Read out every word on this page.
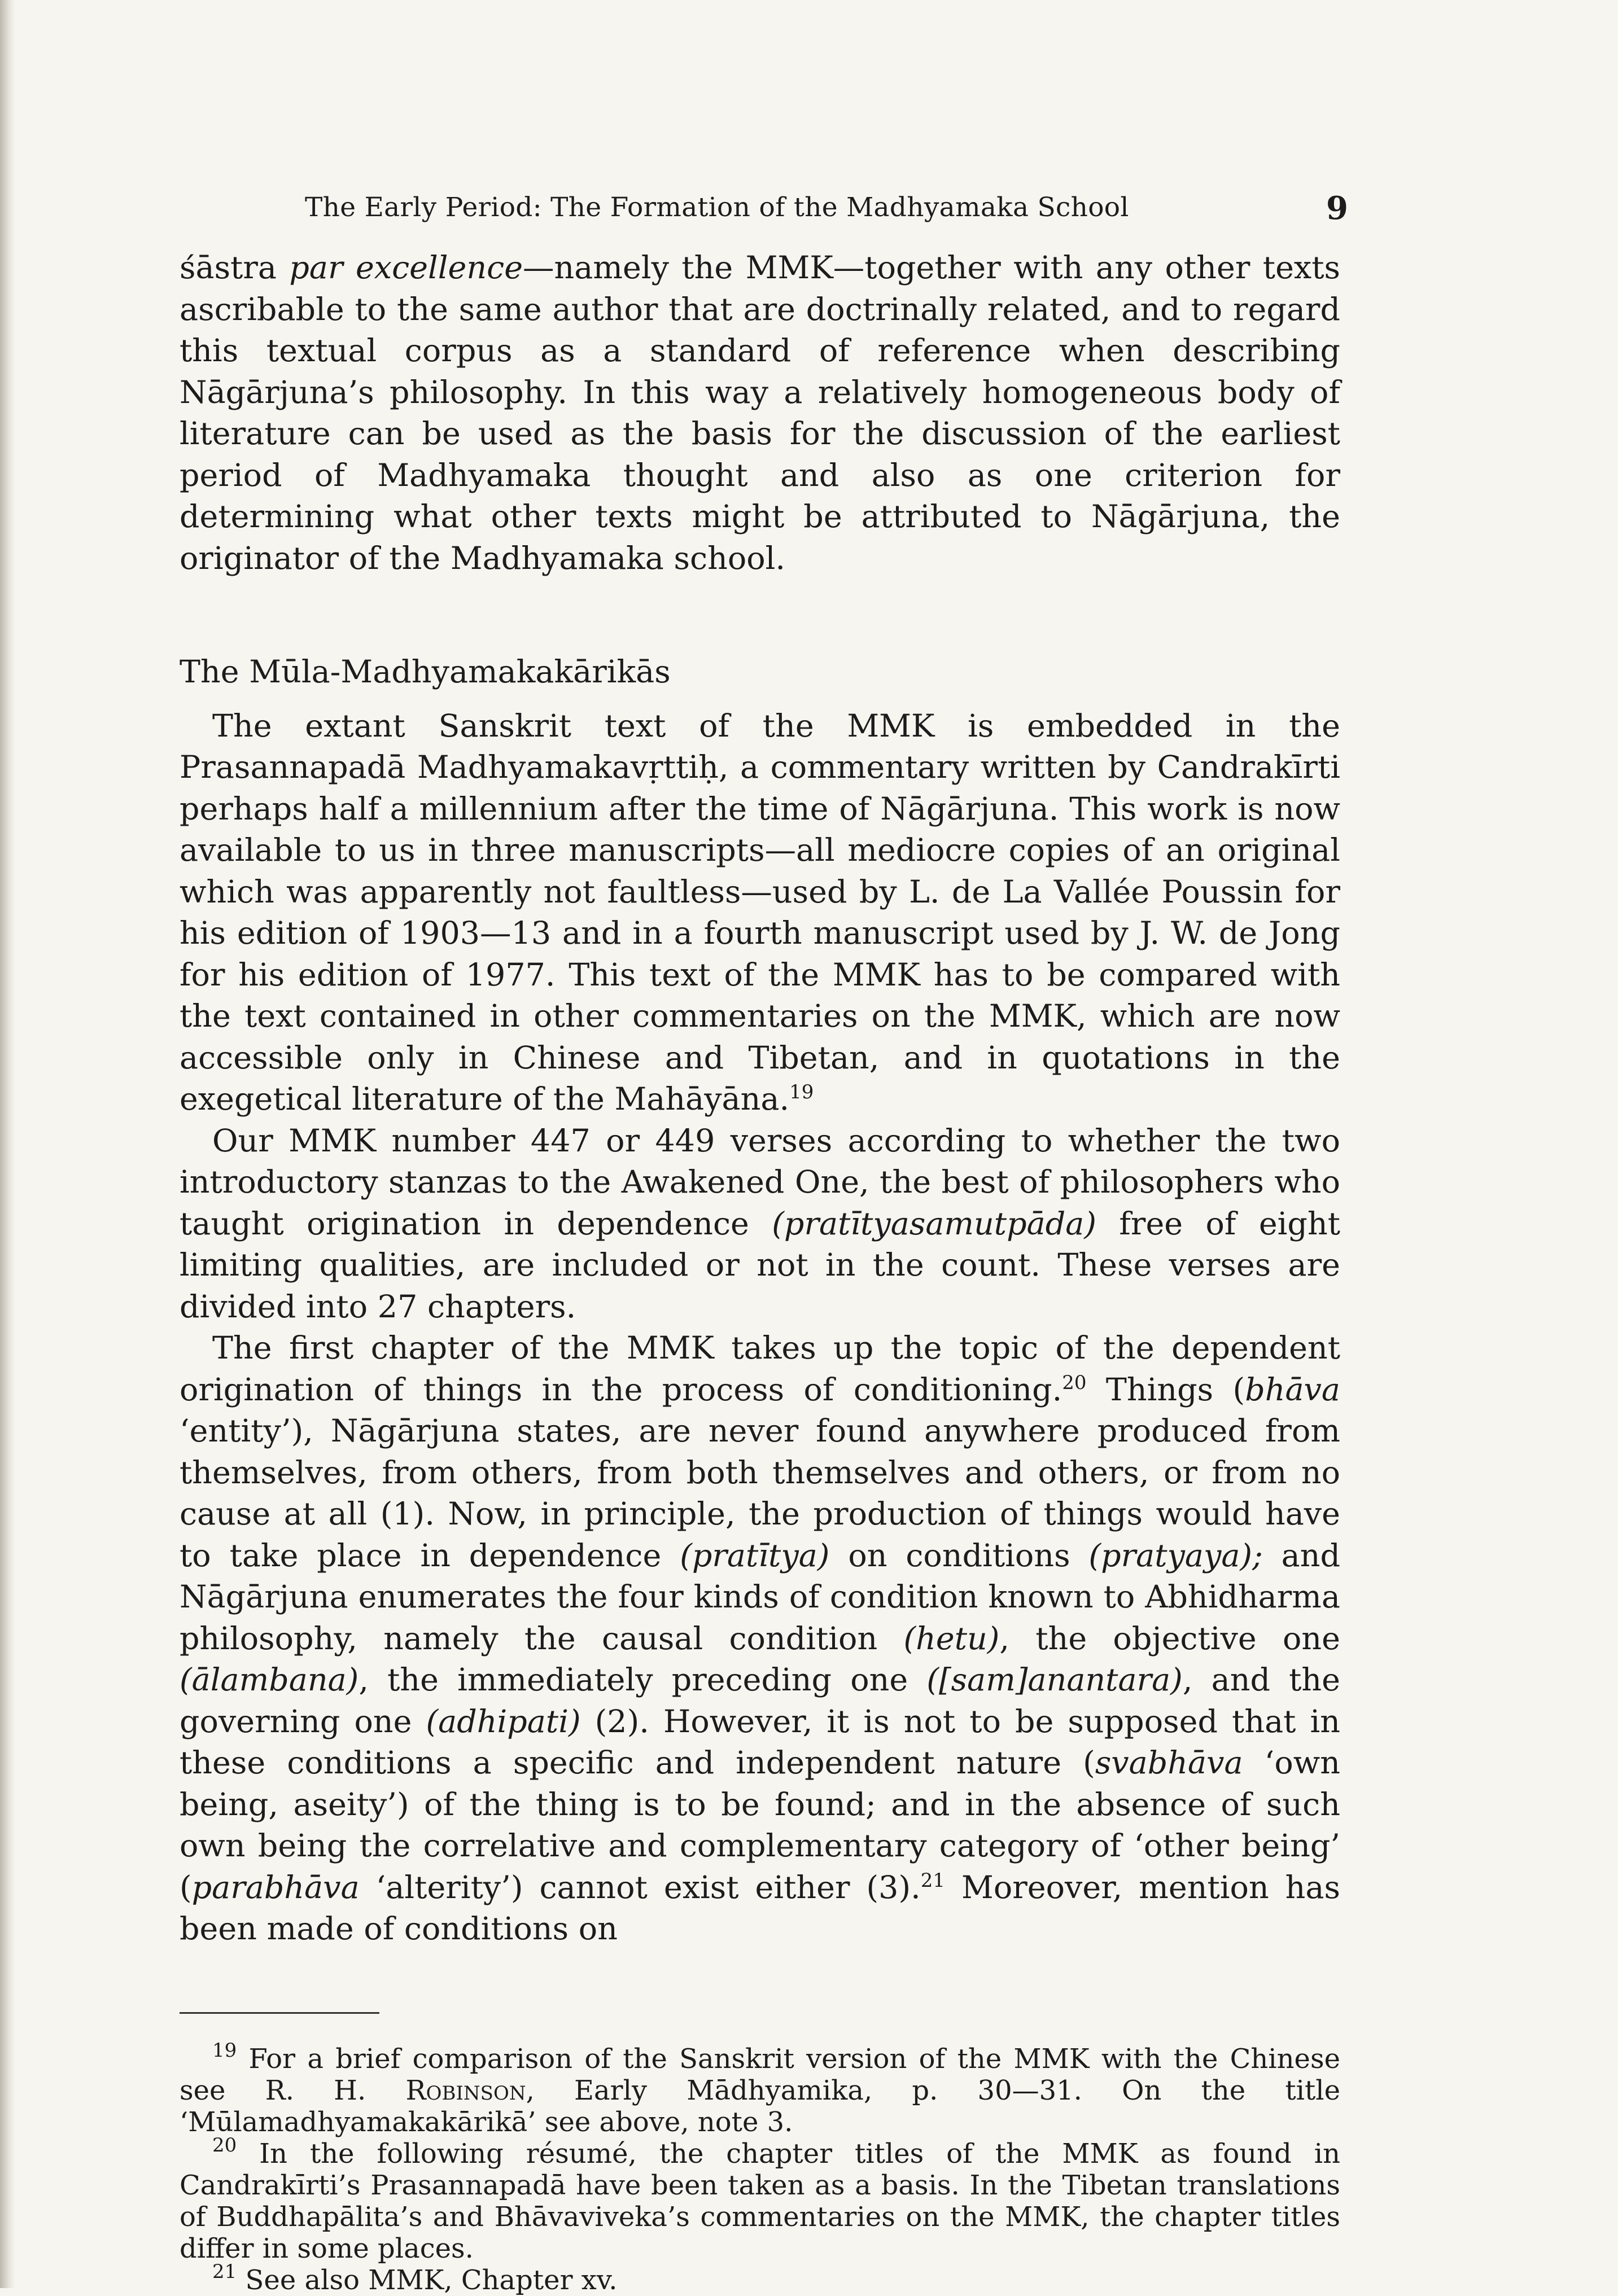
The Early Period: The Formation of the Madhyamaka School	9

śāstra par excellence—namely the MMK—together with any other texts ascribable to the same author that are doctrinally related, and to regard this textual corpus as a standard of reference when describing Nāgārjuna’s philosophy. In this way a relatively homogeneous body of literature can be used as the basis for the discussion of the earliest period of Madhyamaka thought and also as one criterion for determining what other texts might be attributed to Nāgārjuna, the originator of the Madhyamaka school.

The Mūla-Madhyamakakārikās

The extant Sanskrit text of the MMK is embedded in the Prasannapadā Madhyamakavṛttiḥ, a commentary written by Candrakīrti perhaps half a millennium after the time of Nāgārjuna. This work is now available to us in three manuscripts—all mediocre copies of an original which was apparently not faultless—used by L. de La Vallée Poussin for his edition of 1903—13 and in a fourth manuscript used by J. W. de Jong for his edition of 1977. This text of the MMK has to be compared with the text contained in other commentaries on the MMK, which are now accessible only in Chinese and Tibetan, and in quotations in the exegetical literature of the Mahāyāna.$^{19}$

Our MMK number 447 or 449 verses according to whether the two introductory stanzas to the Awakened One, the best of philosophers who taught origination in dependence (pratītyasamutpāda) free of eight limiting qualities, are included or not in the count. These verses are divided into 27 chapters.

The first chapter of the MMK takes up the topic of the dependent origination of things in the process of conditioning.$^{20}$ Things (bhāva ‘entity’), Nāgārjuna states, are never found anywhere produced from themselves, from others, from both themselves and others, or from no cause at all (1). Now, in principle, the production of things would have to take place in dependence (pratītya) on conditions (pratyaya); and Nāgārjuna enumerates the four kinds of condition known to Abhidharma philosophy, namely the causal condition (hetu), the objective one (ālambana), the immediately preceding one ([sam]anantara), and the governing one (adhipati) (2). However, it is not to be supposed that in these conditions a specific and independent nature (svabhāva ‘own being, aseity’) of the thing is to be found; and in the absence of such own being the correlative and complementary category of ‘other being’ (parabhāva ‘alterity’) cannot exist either (3).$^{21}$ Moreover, mention has been made of conditions on

$^{19}$ For a brief comparison of the Sanskrit version of the MMK with the Chinese see R. H. Robinson, Early Mādhyamika, p. 30—31. On the title ‘Mūlamadhyamakakārikā’ see above, note 3.

$^{20}$ In the following résumé, the chapter titles of the MMK as found in Candrakīrti’s Prasannapadā have been taken as a basis. In the Tibetan translations of Buddhapālita’s and Bhāvaviveka’s commentaries on the MMK, the chapter titles differ in some places.

$^{21}$ See also MMK, Chapter xv.
